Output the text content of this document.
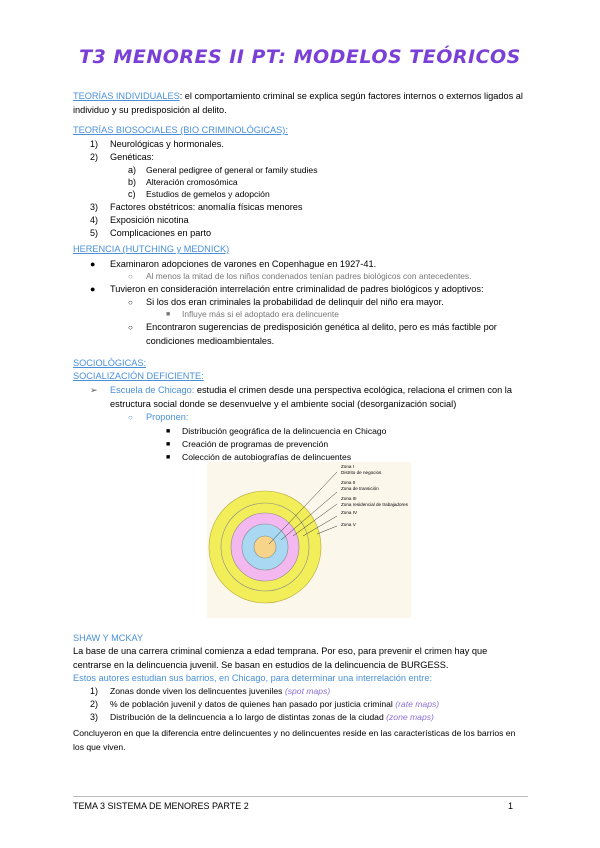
T3 MENORES II PT: MODELOS TEÓRICOS
TEORÍAS INDIVIDUALES: el comportamiento criminal se explica según factores internos o externos ligados al individuo y su predisposición al delito.
TEORÍAS BIOSOCIALES (BIO CRIMINOLÓGICAS):
1) Neurológicas y hormonales.
2) Genéticas:
a) General pedigree of general or family studies
b) Alteración cromosómica
c) Estudios de gemelos y adopción
3) Factores obstétricos: anomalía físicas menores
4) Exposición nicotina
5) Complicaciones en parto
HERENCIA (HUTCHING y MEDNICK)
● Examinaron adopciones de varones en Copenhague en 1927-41.
○ Al menos la mitad de los niños condenados tenían padres biológicos con antecedentes.
● Tuvieron en consideración interrelación entre criminalidad de padres biológicos y adoptivos:
○ Si los dos eran criminales la probabilidad de delinquir del niño era mayor.
■ Influye más si el adoptado era delincuente
○ Encontraron sugerencias de predisposición genética al delito, pero es más factible por condiciones medioambientales.
SOCIOLÓGICAS:
SOCIALIZACIÓN DEFICIENTE:
➢ Escuela de Chicago: estudia el crimen desde una perspectiva ecológica, relaciona el crimen con la estructura social donde se desenvuelve y el ambiente social (desorganización social)
○ Proponen:
■ Distribución geográfica de la delincuencia en Chicago
■ Creación de programas de prevención
■ Colección de autobiografías de delincuentes
Zona I
Distrito de negocios
Zona II
Zona de transición
Zona III
Zona residencial de trabajadores
Zona IV
Zona V
SHAW Y MCKAY
La base de una carrera criminal comienza a edad temprana. Por eso, para prevenir el crimen hay que centrarse en la delincuencia juvenil. Se basan en estudios de la delincuencia de BURGESS.
Estos autores estudian sus barrios, en Chicago, para determinar una interrelación entre:
1) Zonas donde viven los delincuentes juveniles (spot maps)
2) % de población juvenil y datos de quienes han pasado por justicia criminal (rate maps)
3) Distribución de la delincuencia a lo largo de distintas zonas de la ciudad (zone maps)
Concluyeron en que la diferencia entre delincuentes y no delincuentes reside en las características de los barrios en los que viven.
TEMA 3 SISTEMA DE MENORES PARTE 2	1
